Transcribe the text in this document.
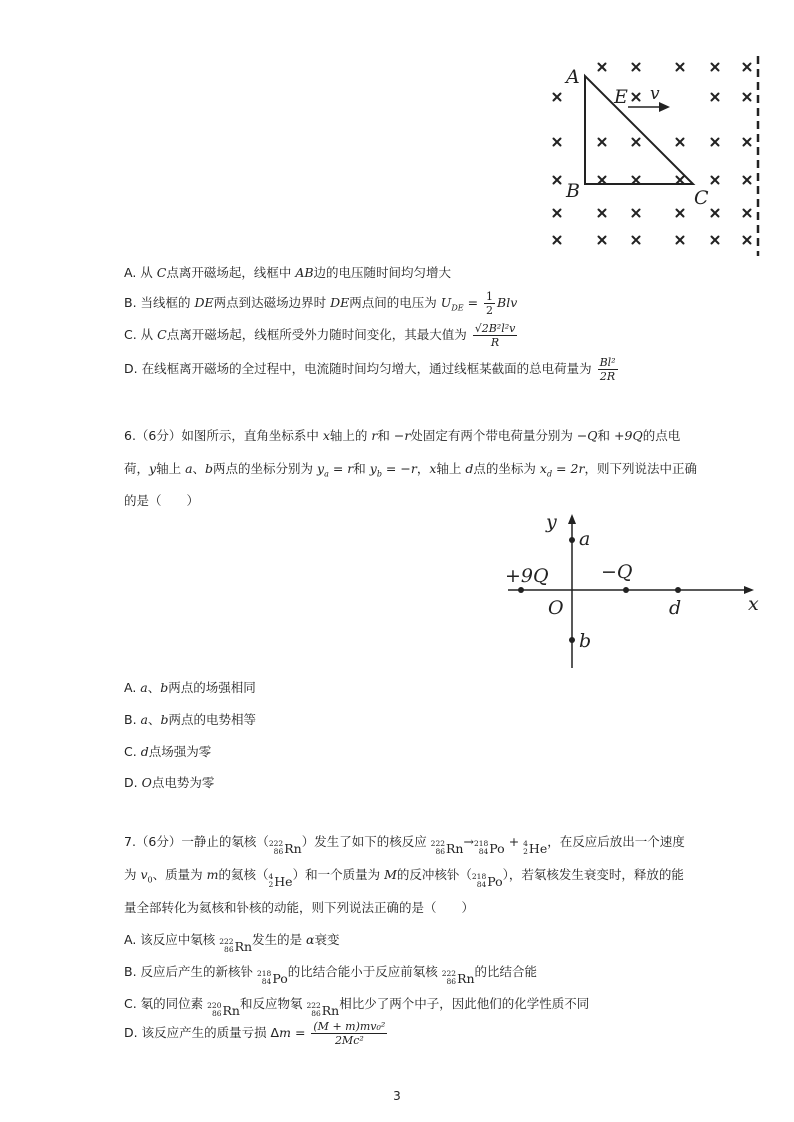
A
B	C
E v
A. 从 C点离开磁场起，线框中 AB边的电压随时间均匀增大
B. 当线框的 DE两点到达磁场边界时 DE两点间的电压为 $U_{DE} = \frac{1}{2}$ Blv
C. 从 C点离开磁场起，线框所受外力随时间变化，其最大值为 $\frac{\text{√2B²l²v}}{R}$
D. 在线框离开磁场的全过程中，电流随时间均匀增大，通过线框某截面的总电荷量为 $\frac{\text{Bl²}}{2R}$
6.（6分）如图所示，直角坐标系中 x轴上的 r和 −r处固定有两个带电荷量分别为 −Q和 +9Q的点电
荷，y轴上 a、b两点的坐标分别为 $y_a = r$和 $y_b = -r$，x轴上 d点的坐标为 $x_d = 2r$，则下列说法中正确
的是（　　）
y
x
a
b
O	d
+9Q	−Q
A. a、b两点的场强相同
B. a、b两点的电势相等
C. d点场强为零
D. O点电势为零
7.（6分）一静止的氡核（ 222
86 Rn ）发生了如下的核反应 222
86 Rn → 218
84 Po + 4
2 He ，在反应后放出一个速度
为 $v_0$、质量为 m的氦核（ 4
2 He ）和一个质量为 M的反冲核钋（ 218
84 Po ），若氡核发生衰变时，释放的能
量全部转化为氦核和钋核的动能，则下列说法正确的是（　　）
A. 该反应中氡核 222
86 Rn 发生的是 α衰变
B. 反应后产生的新核钋 218
84 Po 的比结合能小于反应前氡核 222
86 Rn 的比结合能
C. 氡的同位素 220
86 Rn 和反应物氡 222
86 Rn 相比少了两个中子，因此他们的化学性质不同
D. 该反应产生的质量亏损 $\Delta m = \frac{\text{(M + m)mv₀²}}{\text{2Mc²}}$
3
